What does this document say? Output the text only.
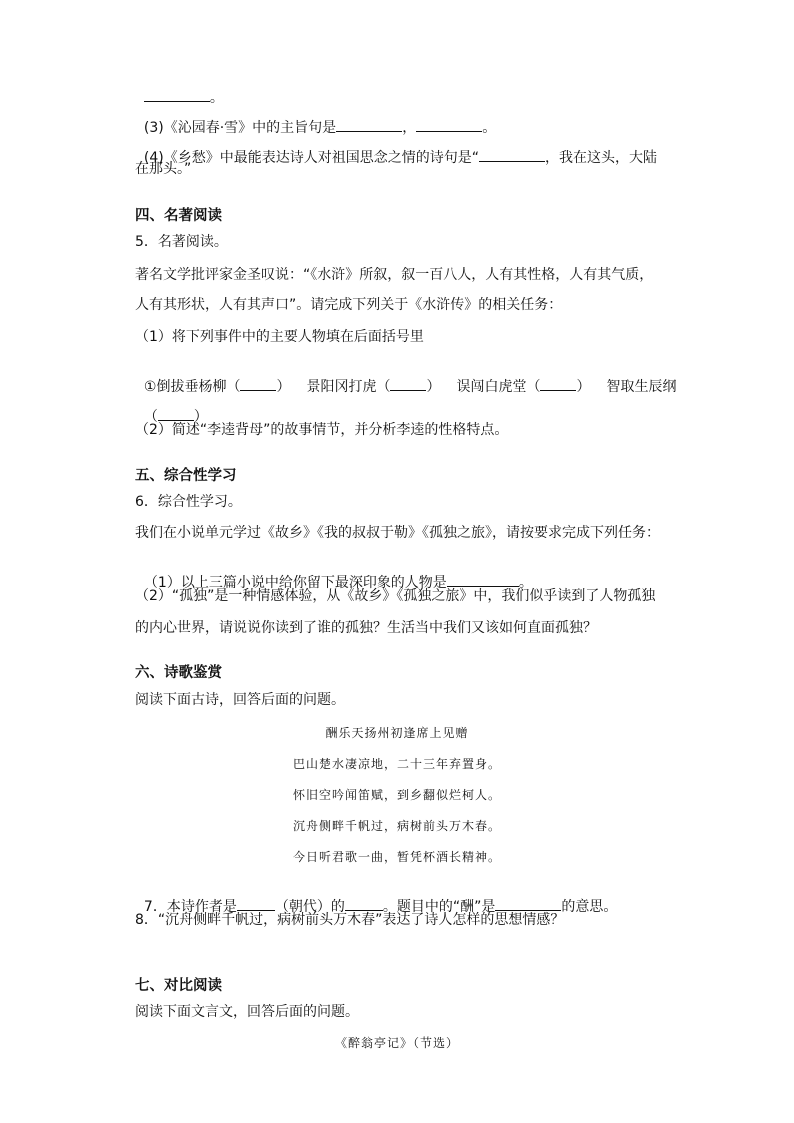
。

(3)《沁园春·雪》中的主旨句是	，	。

(4)《乡愁》中最能表达诗人对祖国思念之情的诗句是“	，我在这头，大陆

在那头。”
四、名著阅读
5．名著阅读。
著名文学批评家金圣叹说：“《水浒》所叙，叙一百八人，人有其性格，人有其气质，
人有其形状，人有其声口”。请完成下列关于《水浒传》的相关任务：
（1）将下列事件中的主要人物填在后面括号里

①倒拔垂杨柳（	） 景阳冈打虎（	） 误闯白虎堂（	） 智取生辰纲

（	）

（2）简述“李逵背母”的故事情节，并分析李逵的性格特点。
五、综合性学习
6．综合性学习。
我们在小说单元学过《故乡》《我的叔叔于勒》《孤独之旅》，请按要求完成下列任务：

（1）以上三篇小说中给你留下最深印象的人物是	。

（2）“孤独”是一种情感体验，从《故乡》《孤独之旅》中，我们似乎读到了人物孤独
的内心世界，请说说你读到了谁的孤独？生活当中我们又该如何直面孤独？
六、诗歌鉴赏
阅读下面古诗，回答后面的问题。
酬乐天扬州初逢席上见赠
巴山楚水凄凉地，二十三年弃置身。
怀旧空吟闻笛赋，到乡翻似烂柯人。
沉舟侧畔千帆过，病树前头万木春。
今日听君歌一曲，暂凭杯酒长精神。

7．本诗作者是	（朝代）的	。题目中的“酬”是	的意思。

8．“沉舟侧畔千帆过，病树前头万木春”表达了诗人怎样的思想情感？
七、对比阅读
阅读下面文言文，回答后面的问题。
《醉翁亭记》（节选）
